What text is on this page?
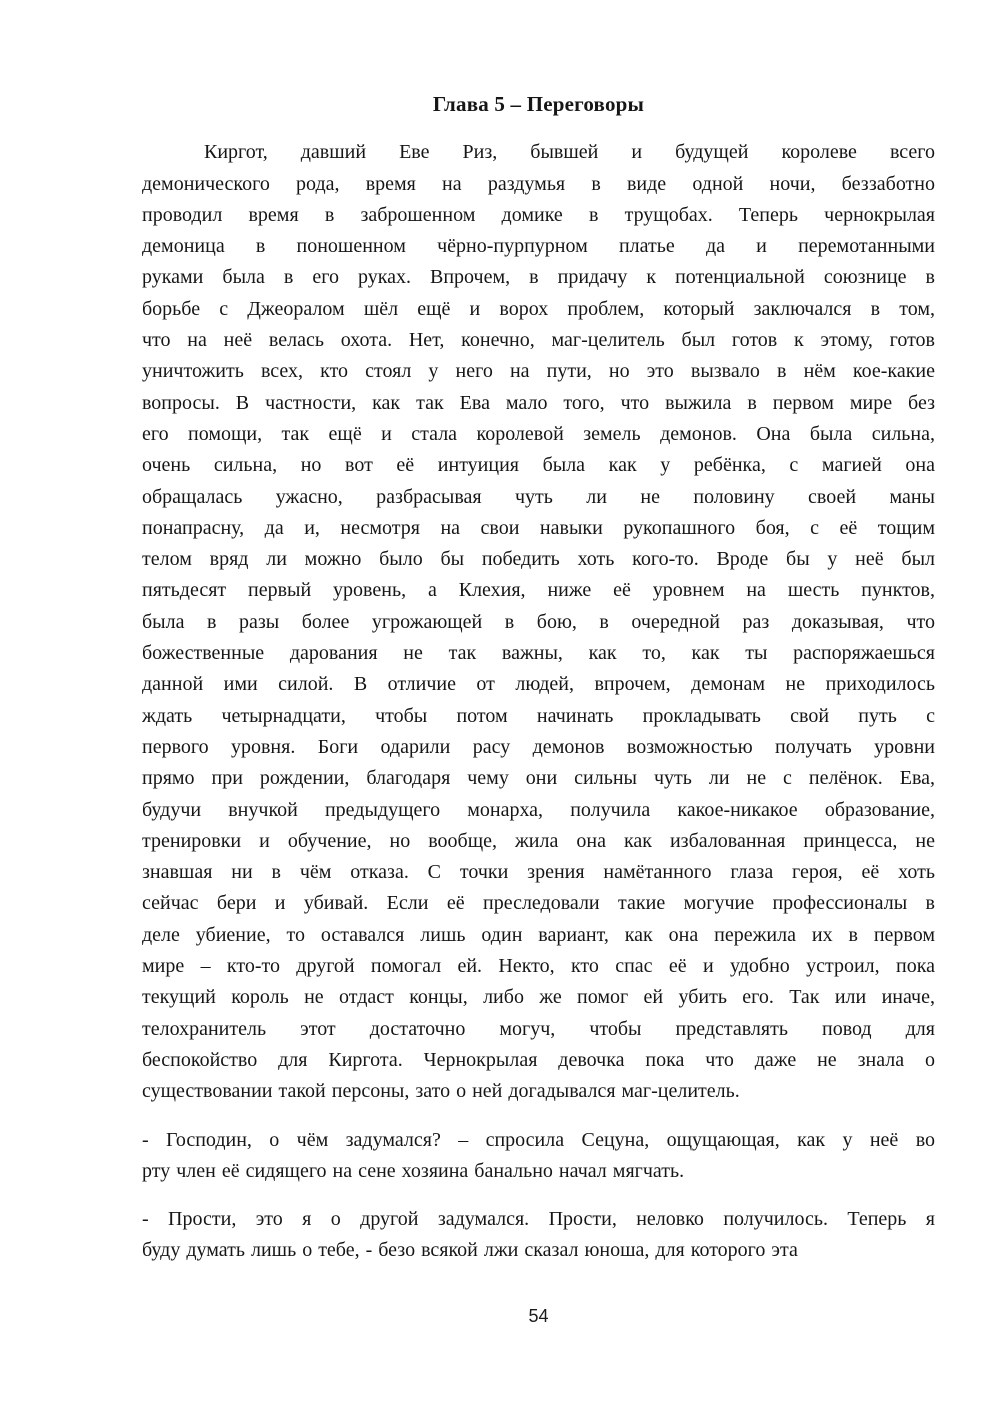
Глава 5 – Переговоры
Киргот, давший Еве Риз, бывшей и будущей королеве всего
демонического рода, время на раздумья в виде одной ночи, беззаботно
проводил время в заброшенном домике в трущобах. Теперь чернокрылая
демоница в поношенном чёрно-пурпурном платье да и перемотанными
руками была в его руках. Впрочем, в придачу к потенциальной союзнице в
борьбе с Джеоралом шёл ещё и ворох проблем, который заключался в том,
что на неё велась охота. Нет, конечно, маг-целитель был готов к этому, готов
уничтожить всех, кто стоял у него на пути, но это вызвало в нём кое-какие
вопросы. В частности, как так Ева мало того, что выжила в первом мире без
его помощи, так ещё и стала королевой земель демонов. Она была сильна,
очень сильна, но вот её интуиция была как у ребёнка, с магией она
обращалась ужасно, разбрасывая чуть ли не половину своей маны
понапрасну, да и, несмотря на свои навыки рукопашного боя, с её тощим
телом вряд ли можно было бы победить хоть кого-то. Вроде бы у неё был
пятьдесят первый уровень, а Клехия, ниже её уровнем на шесть пунктов,
была в разы более угрожающей в бою, в очередной раз доказывая, что
божественные дарования не так важны, как то, как ты распоряжаешься
данной ими силой. В отличие от людей, впрочем, демонам не приходилось
ждать четырнадцати, чтобы потом начинать прокладывать свой путь с
первого уровня. Боги одарили расу демонов возможностью получать уровни
прямо при рождении, благодаря чему они сильны чуть ли не с пелёнок. Ева,
будучи внучкой предыдущего монарха, получила какое-никакое образование,
тренировки и обучение, но вообще, жила она как избалованная принцесса, не
знавшая ни в чём отказа. С точки зрения намётанного глаза героя, её хоть
сейчас бери и убивай. Если её преследовали такие могучие профессионалы в
деле убиение, то оставался лишь один вариант, как она пережила их в первом
мире – кто-то другой помогал ей. Некто, кто спас её и удобно устроил, пока
текущий король не отдаст концы, либо же помог ей убить его. Так или иначе,
телохранитель этот достаточно могуч, чтобы представлять повод для
беспокойство для Киргота. Чернокрылая девочка пока что даже не знала о
существовании такой персоны, зато о ней догадывался маг-целитель.
- Господин, о чём задумался? – спросила Сецуна, ощущающая, как у неё во
рту член её сидящего на сене хозяина банально начал мягчать.
- Прости, это я о другой задумался. Прости, неловко получилось. Теперь я
буду думать лишь о тебе, - безо всякой лжи сказал юноша, для которого эта
54
